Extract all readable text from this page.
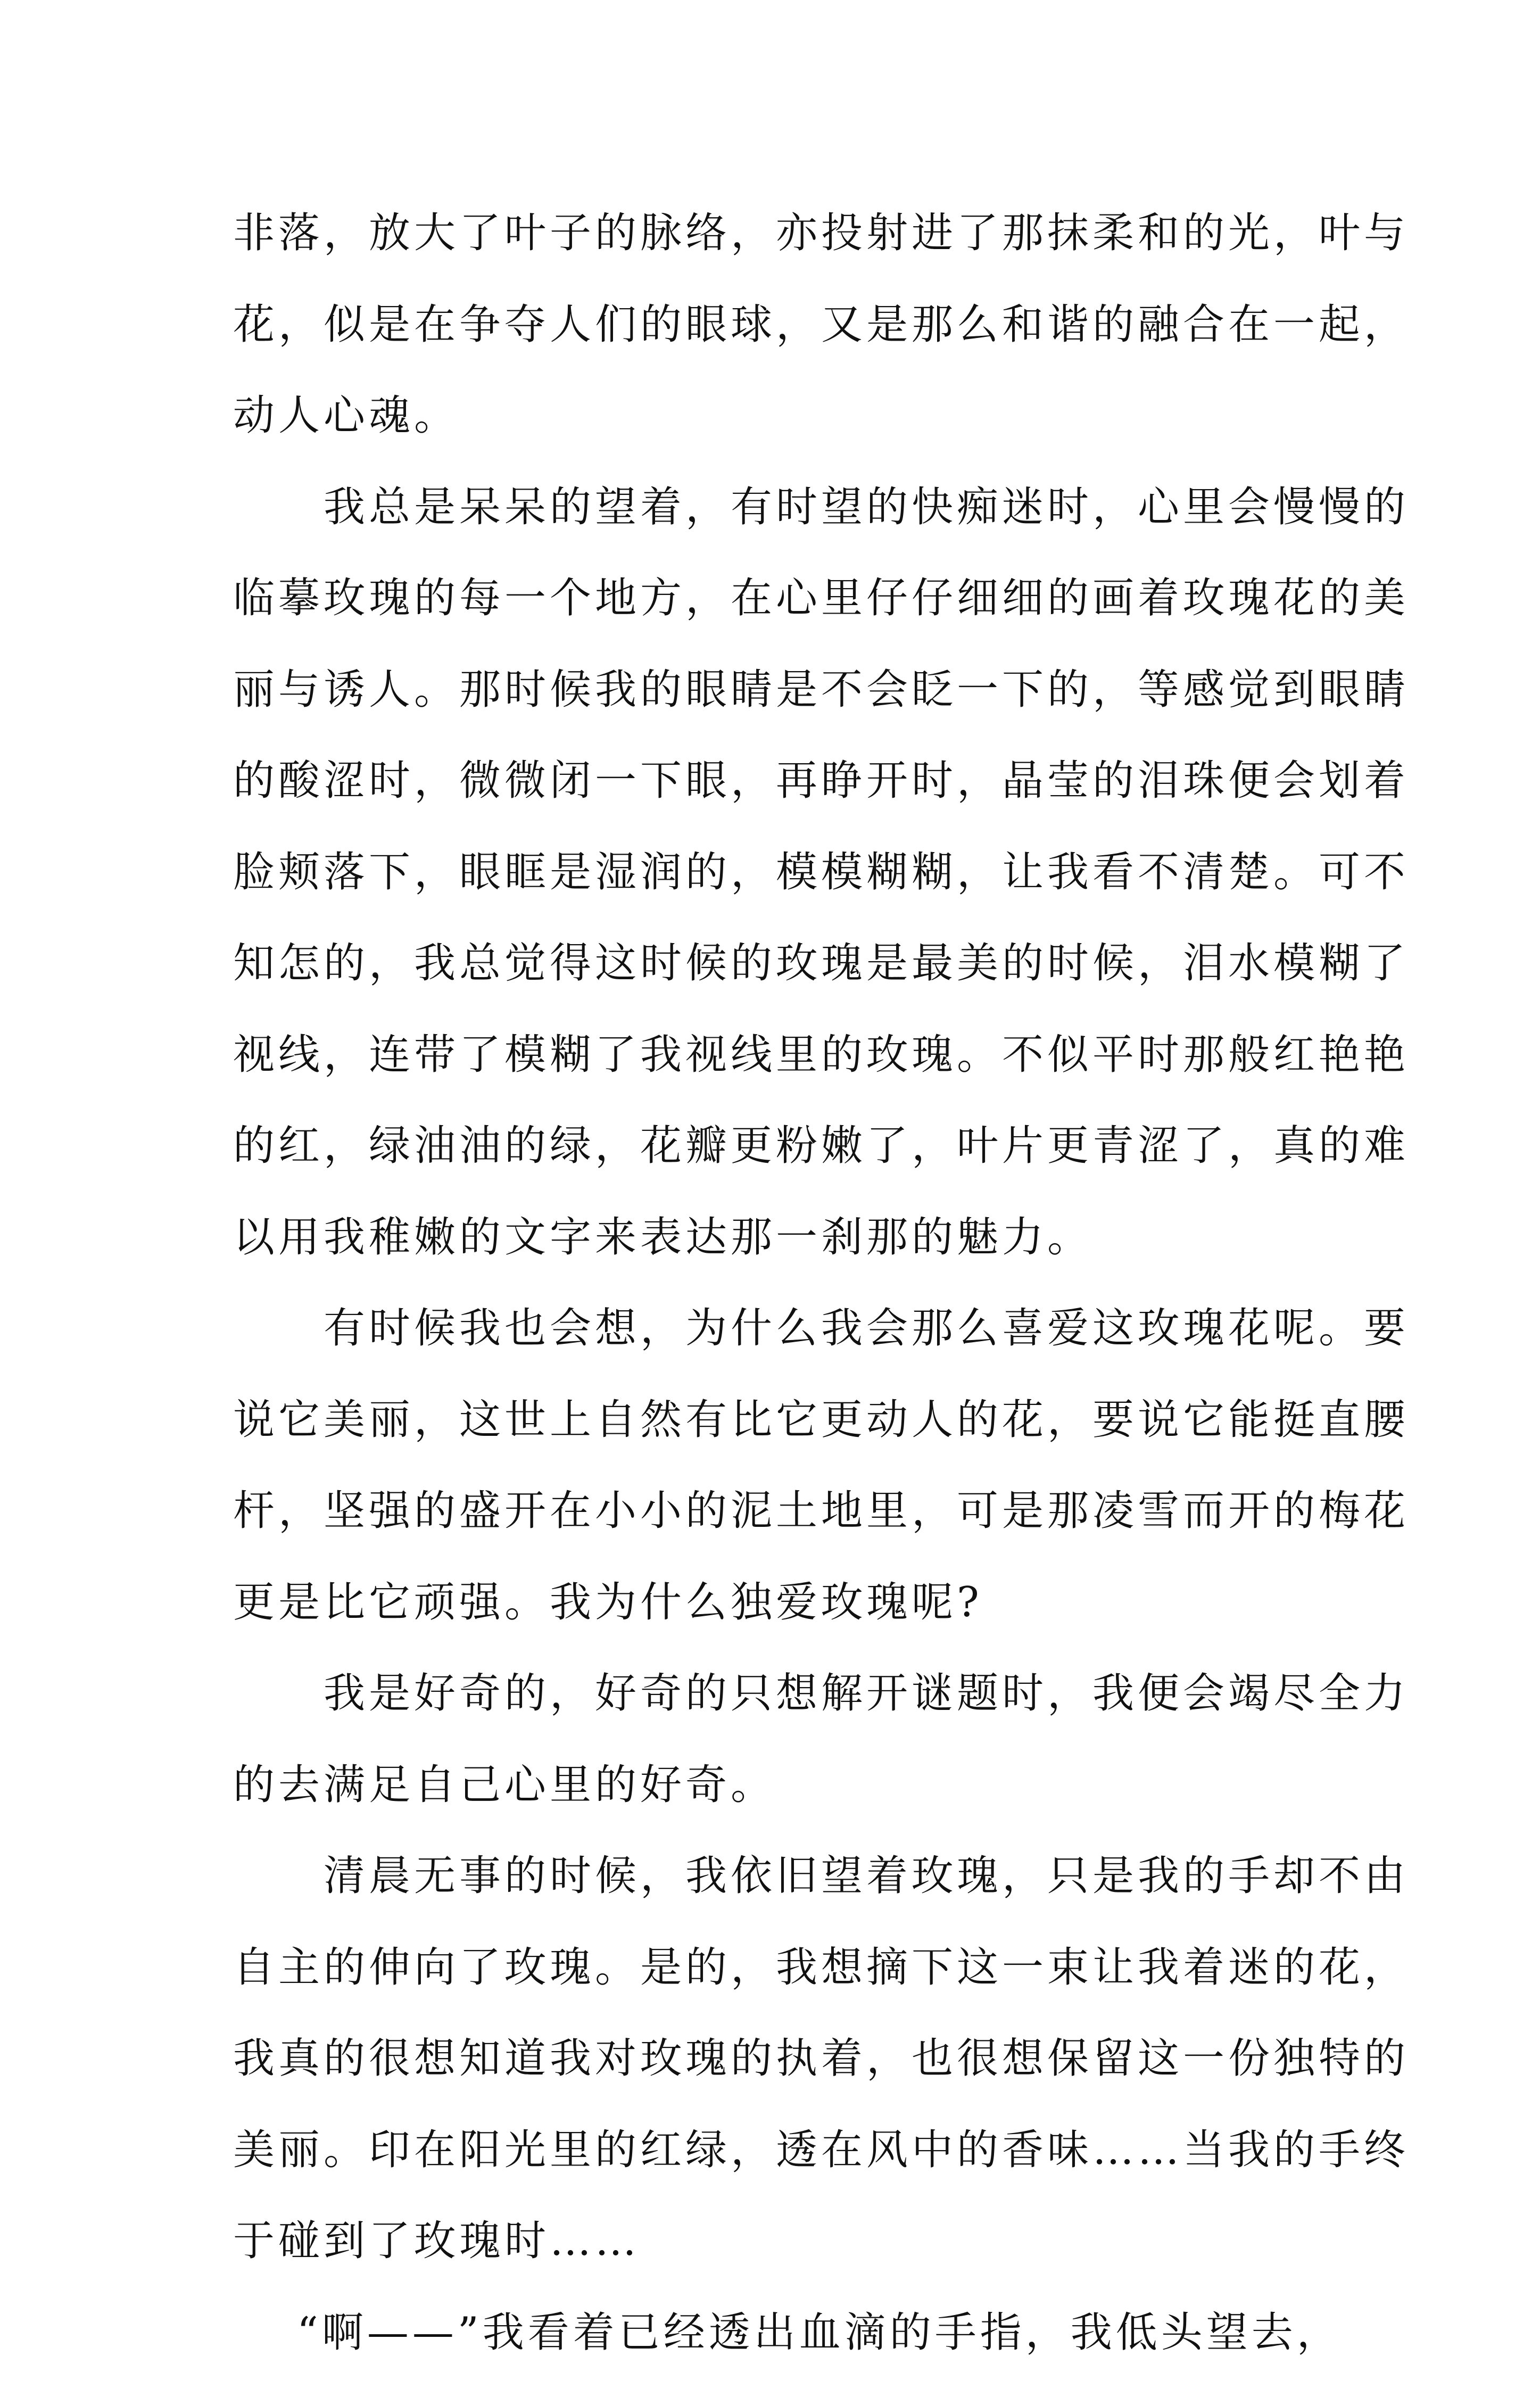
非落，放大了叶子的脉络，亦投射进了那抹柔和的光，叶与
花，似是在争夺人们的眼球，又是那么和谐的融合在一起，
动人心魂。
我总是呆呆的望着，有时望的快痴迷时，心里会慢慢的
临摹玫瑰的每一个地方，在心里仔仔细细的画着玫瑰花的美
丽与诱人。那时候我的眼睛是不会眨一下的，等感觉到眼睛
的酸涩时，微微闭一下眼，再睁开时，晶莹的泪珠便会划着
脸颊落下，眼眶是湿润的，模模糊糊，让我看不清楚。可不
知怎的，我总觉得这时候的玫瑰是最美的时候，泪水模糊了
视线，连带了模糊了我视线里的玫瑰。不似平时那般红艳艳
的红，绿油油的绿，花瓣更粉嫩了，叶片更青涩了，真的难
以用我稚嫩的文字来表达那一刹那的魅力。
有时候我也会想，为什么我会那么喜爱这玫瑰花呢。要
说它美丽，这世上自然有比它更动人的花，要说它能挺直腰
杆，坚强的盛开在小小的泥土地里，可是那凌雪而开的梅花
更是比它顽强。我为什么独爱玫瑰呢?
我是好奇的，好奇的只想解开谜题时，我便会竭尽全力
的去满足自己心里的好奇。
清晨无事的时候，我依旧望着玫瑰，只是我的手却不由
自主的伸向了玫瑰。是的，我想摘下这一束让我着迷的花，
我真的很想知道我对玫瑰的执着，也很想保留这一份独特的
美丽。印在阳光里的红绿，透在风中的香味……当我的手终
于碰到了玫瑰时……
“啊——”我看着已经透出血滴的手指，我低头望去，
